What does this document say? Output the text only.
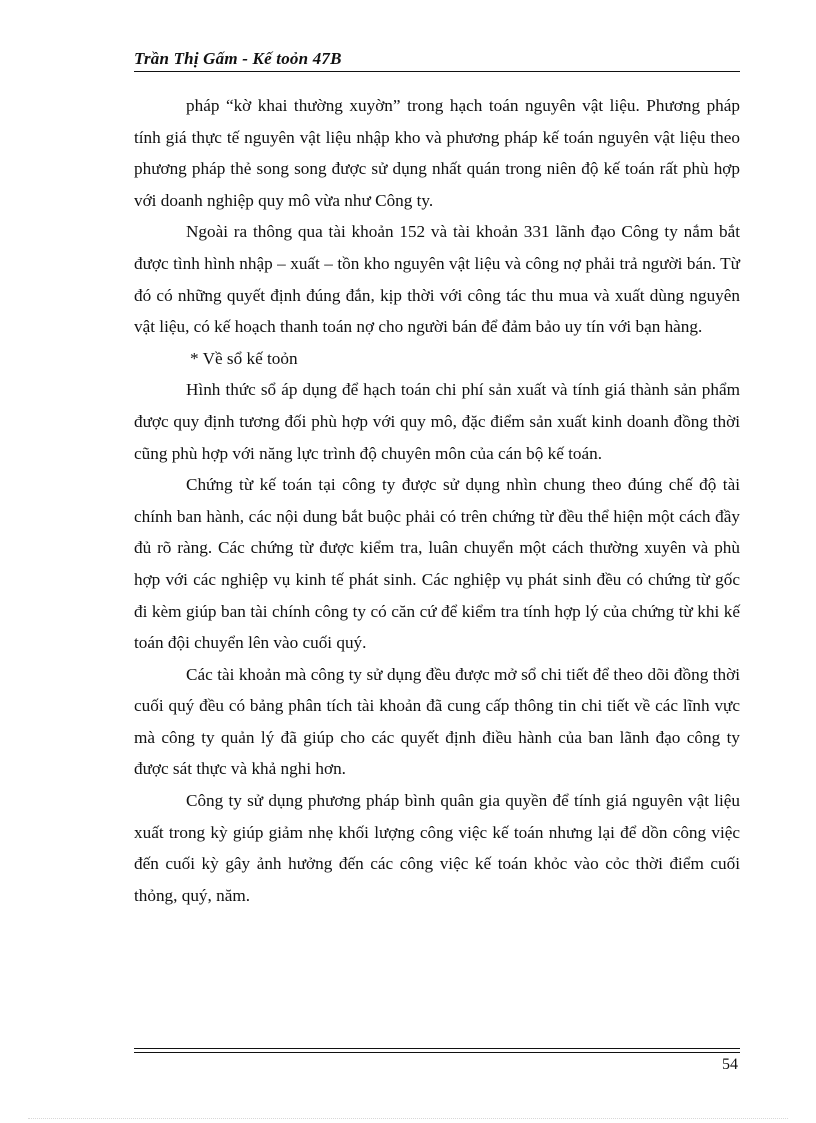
Trần Thị Gấm - Kế toỏn 47B

pháp “kờ khai thường xuyờn” trong hạch toán nguyên vật liệu. Phương pháp tính giá thực tế nguyên vật liệu nhập kho và phương pháp kế toán nguyên vật liệu theo phương pháp thẻ song song được sử dụng nhất quán trong niên độ kế toán rất phù hợp với doanh nghiệp quy mô vừa như Công ty.

Ngoài ra thông qua tài khoản 152 và tài khoản 331 lãnh đạo Công ty nắm bắt được tình hình nhập – xuất – tồn kho nguyên vật liệu và công nợ phải trả người bán. Từ đó có những quyết định đúng đắn, kịp thời với công tác thu mua và xuất dùng nguyên vật liệu, có kế hoạch thanh toán nợ cho người bán để đảm bảo uy tín với bạn hàng.

* Về sổ kế toỏn

Hình thức sổ áp dụng để hạch toán chi phí sản xuất và tính giá thành sản phẩm được quy định tương đối phù hợp với quy mô, đặc điểm sản xuất kinh doanh đồng thời cũng phù hợp với năng lực trình độ chuyên môn của cán bộ kế toán.

Chứng từ kế toán tại công ty được sử dụng nhìn chung theo đúng chế độ tài chính ban hành, các nội dung bắt buộc phải có trên chứng từ đều thể hiện một cách đầy đủ rõ ràng. Các chứng từ được kiểm tra, luân chuyển một cách thường xuyên và phù hợp với các nghiệp vụ kinh tế phát sinh. Các nghiệp vụ phát sinh đều có chứng từ gốc đi kèm giúp ban tài chính công ty có căn cứ để kiểm tra tính hợp lý của chứng từ khi kế toán đội chuyển lên vào cuối quý.

Các tài khoản mà công ty sử dụng đều được mở sổ chi tiết để theo dõi đồng thời cuối quý đều có bảng phân tích tài khoản đã cung cấp thông tin chi tiết về các lĩnh vực mà công ty quản lý đã giúp cho các quyết định điều hành của ban lãnh đạo công ty được sát thực và khả nghi hơn.

Công ty sử dụng phương pháp bình quân gia quyền để tính giá nguyên vật liệu xuất trong kỳ giúp giảm nhẹ khối lượng công việc kế toán nhưng lại để dồn công việc đến cuối kỳ gây ảnh hưởng đến các công việc kế toán khỏc vào cỏc thời điểm cuối thỏng, quý, năm.

54
